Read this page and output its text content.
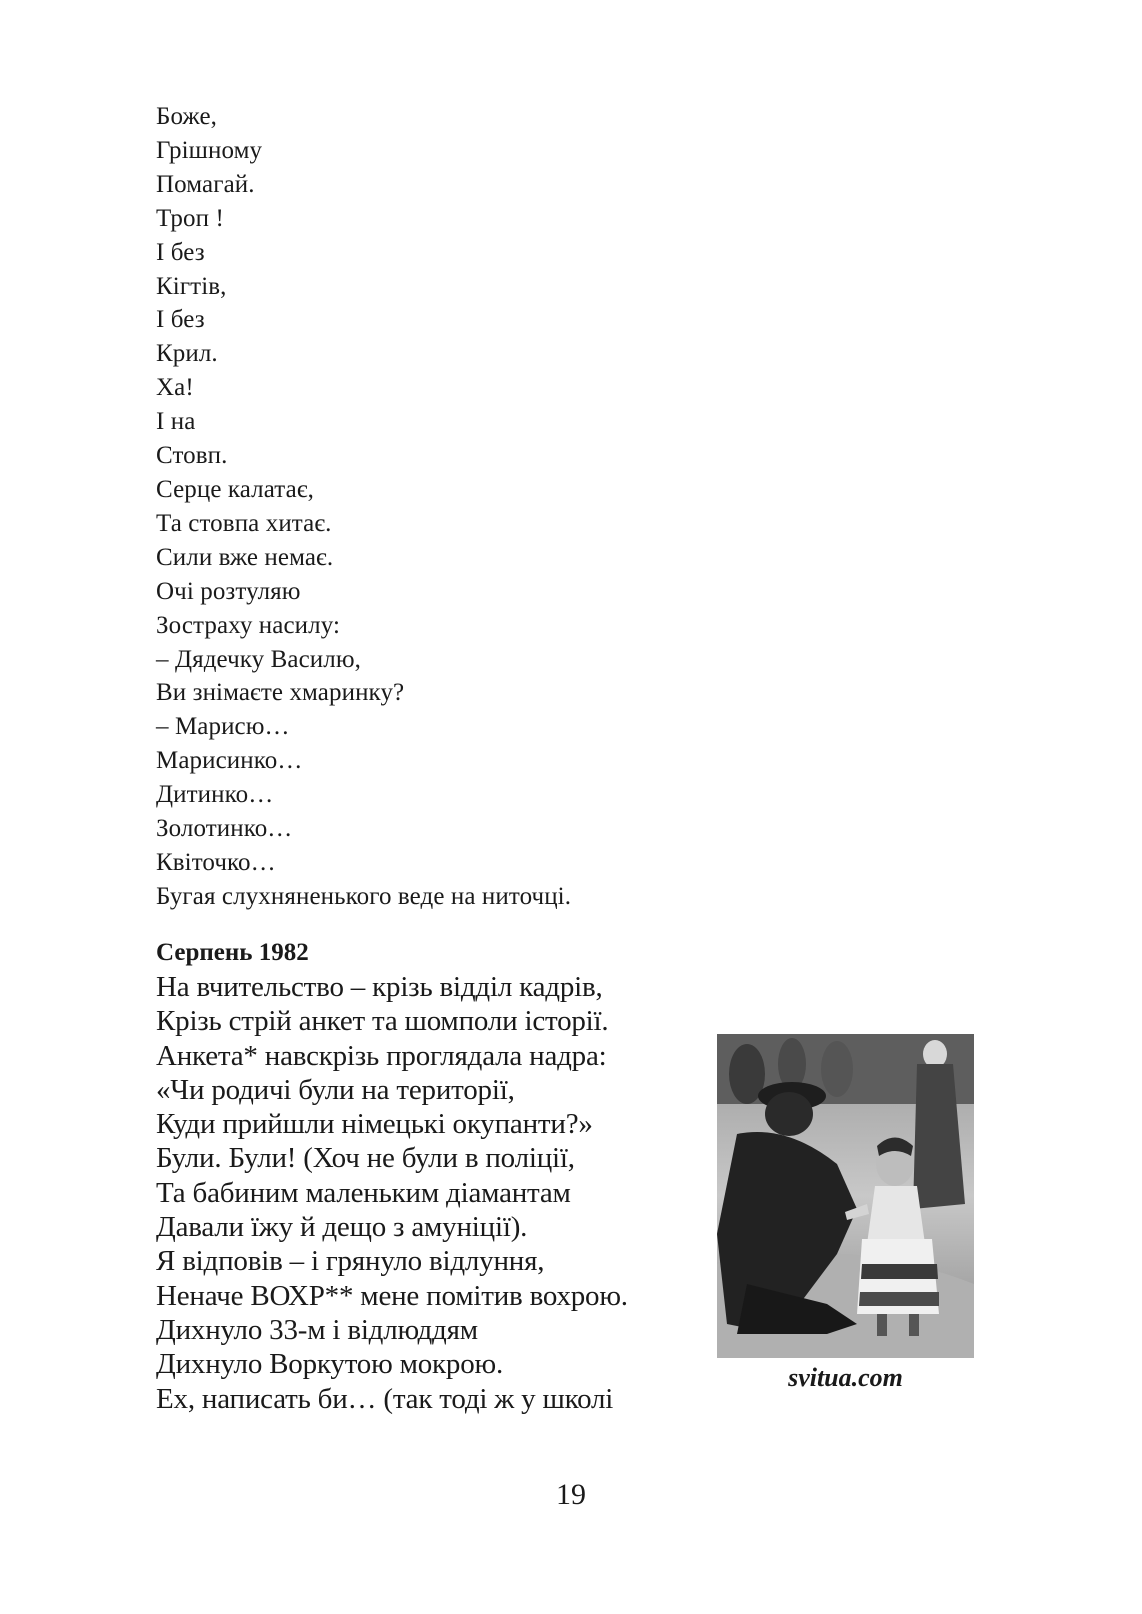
Боже,
Грішному
Помагай.
Троп !
І без
Кігтів,
І без
Крил.
Ха!
І на
Стовп.
Серце калатає,
Та стовпа хитає.
Сили вже немає.
Очі розтуляю
Зостраху насилу:
– Дядечку Василю,
Ви знімаєте хмаринку?
– Марисю…
Марисинко…
Дитинко…
Золотинко…
Квіточко…
Бугая слухняненького веде на ниточці.
Серпень 1982
На вчительство – крізь відділ кадрів,
Крізь стрій анкет та шомполи історії.
Анкета* навскрізь проглядала надра:
«Чи родичі були на території,
Куди прийшли німецькі окупанти?»
Були. Були! (Хоч не були в поліції,
Та бабиним маленьким діамантам
Давали їжу й дещо з амуніції).
Я відповів – і грянуло відлуння,
Неначе ВОХР** мене помітив вохрою.
Дихнуло 33-м і відлюддям
Дихнуло Воркутою мокрою.
Ех, написать би… (так тоді ж у школі
svitua.com
19
